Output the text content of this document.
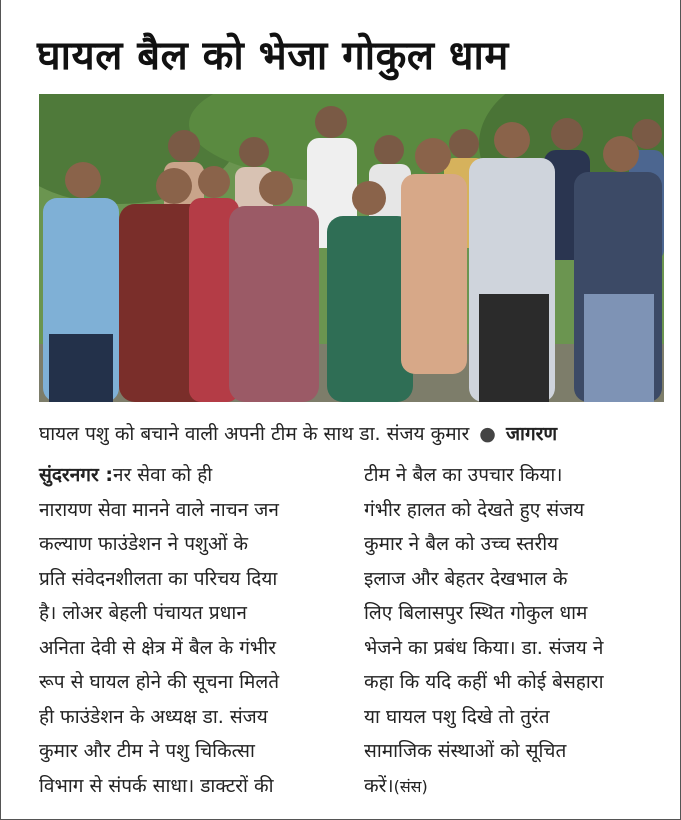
घायल बैल को भेजा गोकुल धाम
घायल पशु को बचाने वाली अपनी टीम के साथ डा. संजय कुमार ● जागरण
सुंदरनगर :नर सेवा को ही
नारायण सेवा मानने वाले नाचन जन
कल्याण फाउंडेशन ने पशुओं के
प्रति संवेदनशीलता का परिचय दिया
है। लोअर बेहली पंचायत प्रधान
अनिता देवी से क्षेत्र में बैल के गंभीर
रूप से घायल होने की सूचना मिलते
ही फाउंडेशन के अध्यक्ष डा. संजय
कुमार और टीम ने पशु चिकित्सा
विभाग से संपर्क साधा। डाक्टरों की
टीम ने बैल का उपचार किया।
गंभीर हालत को देखते हुए संजय
कुमार ने बैल को उच्च स्तरीय
इलाज और बेहतर देखभाल के
लिए बिलासपुर स्थित गोकुल धाम
भेजने का प्रबंध किया। डा. संजय ने
कहा कि यदि कहीं भी कोई बेसहारा
या घायल पशु दिखे तो तुरंत
सामाजिक संस्थाओं को सूचित
करें।(संस)
